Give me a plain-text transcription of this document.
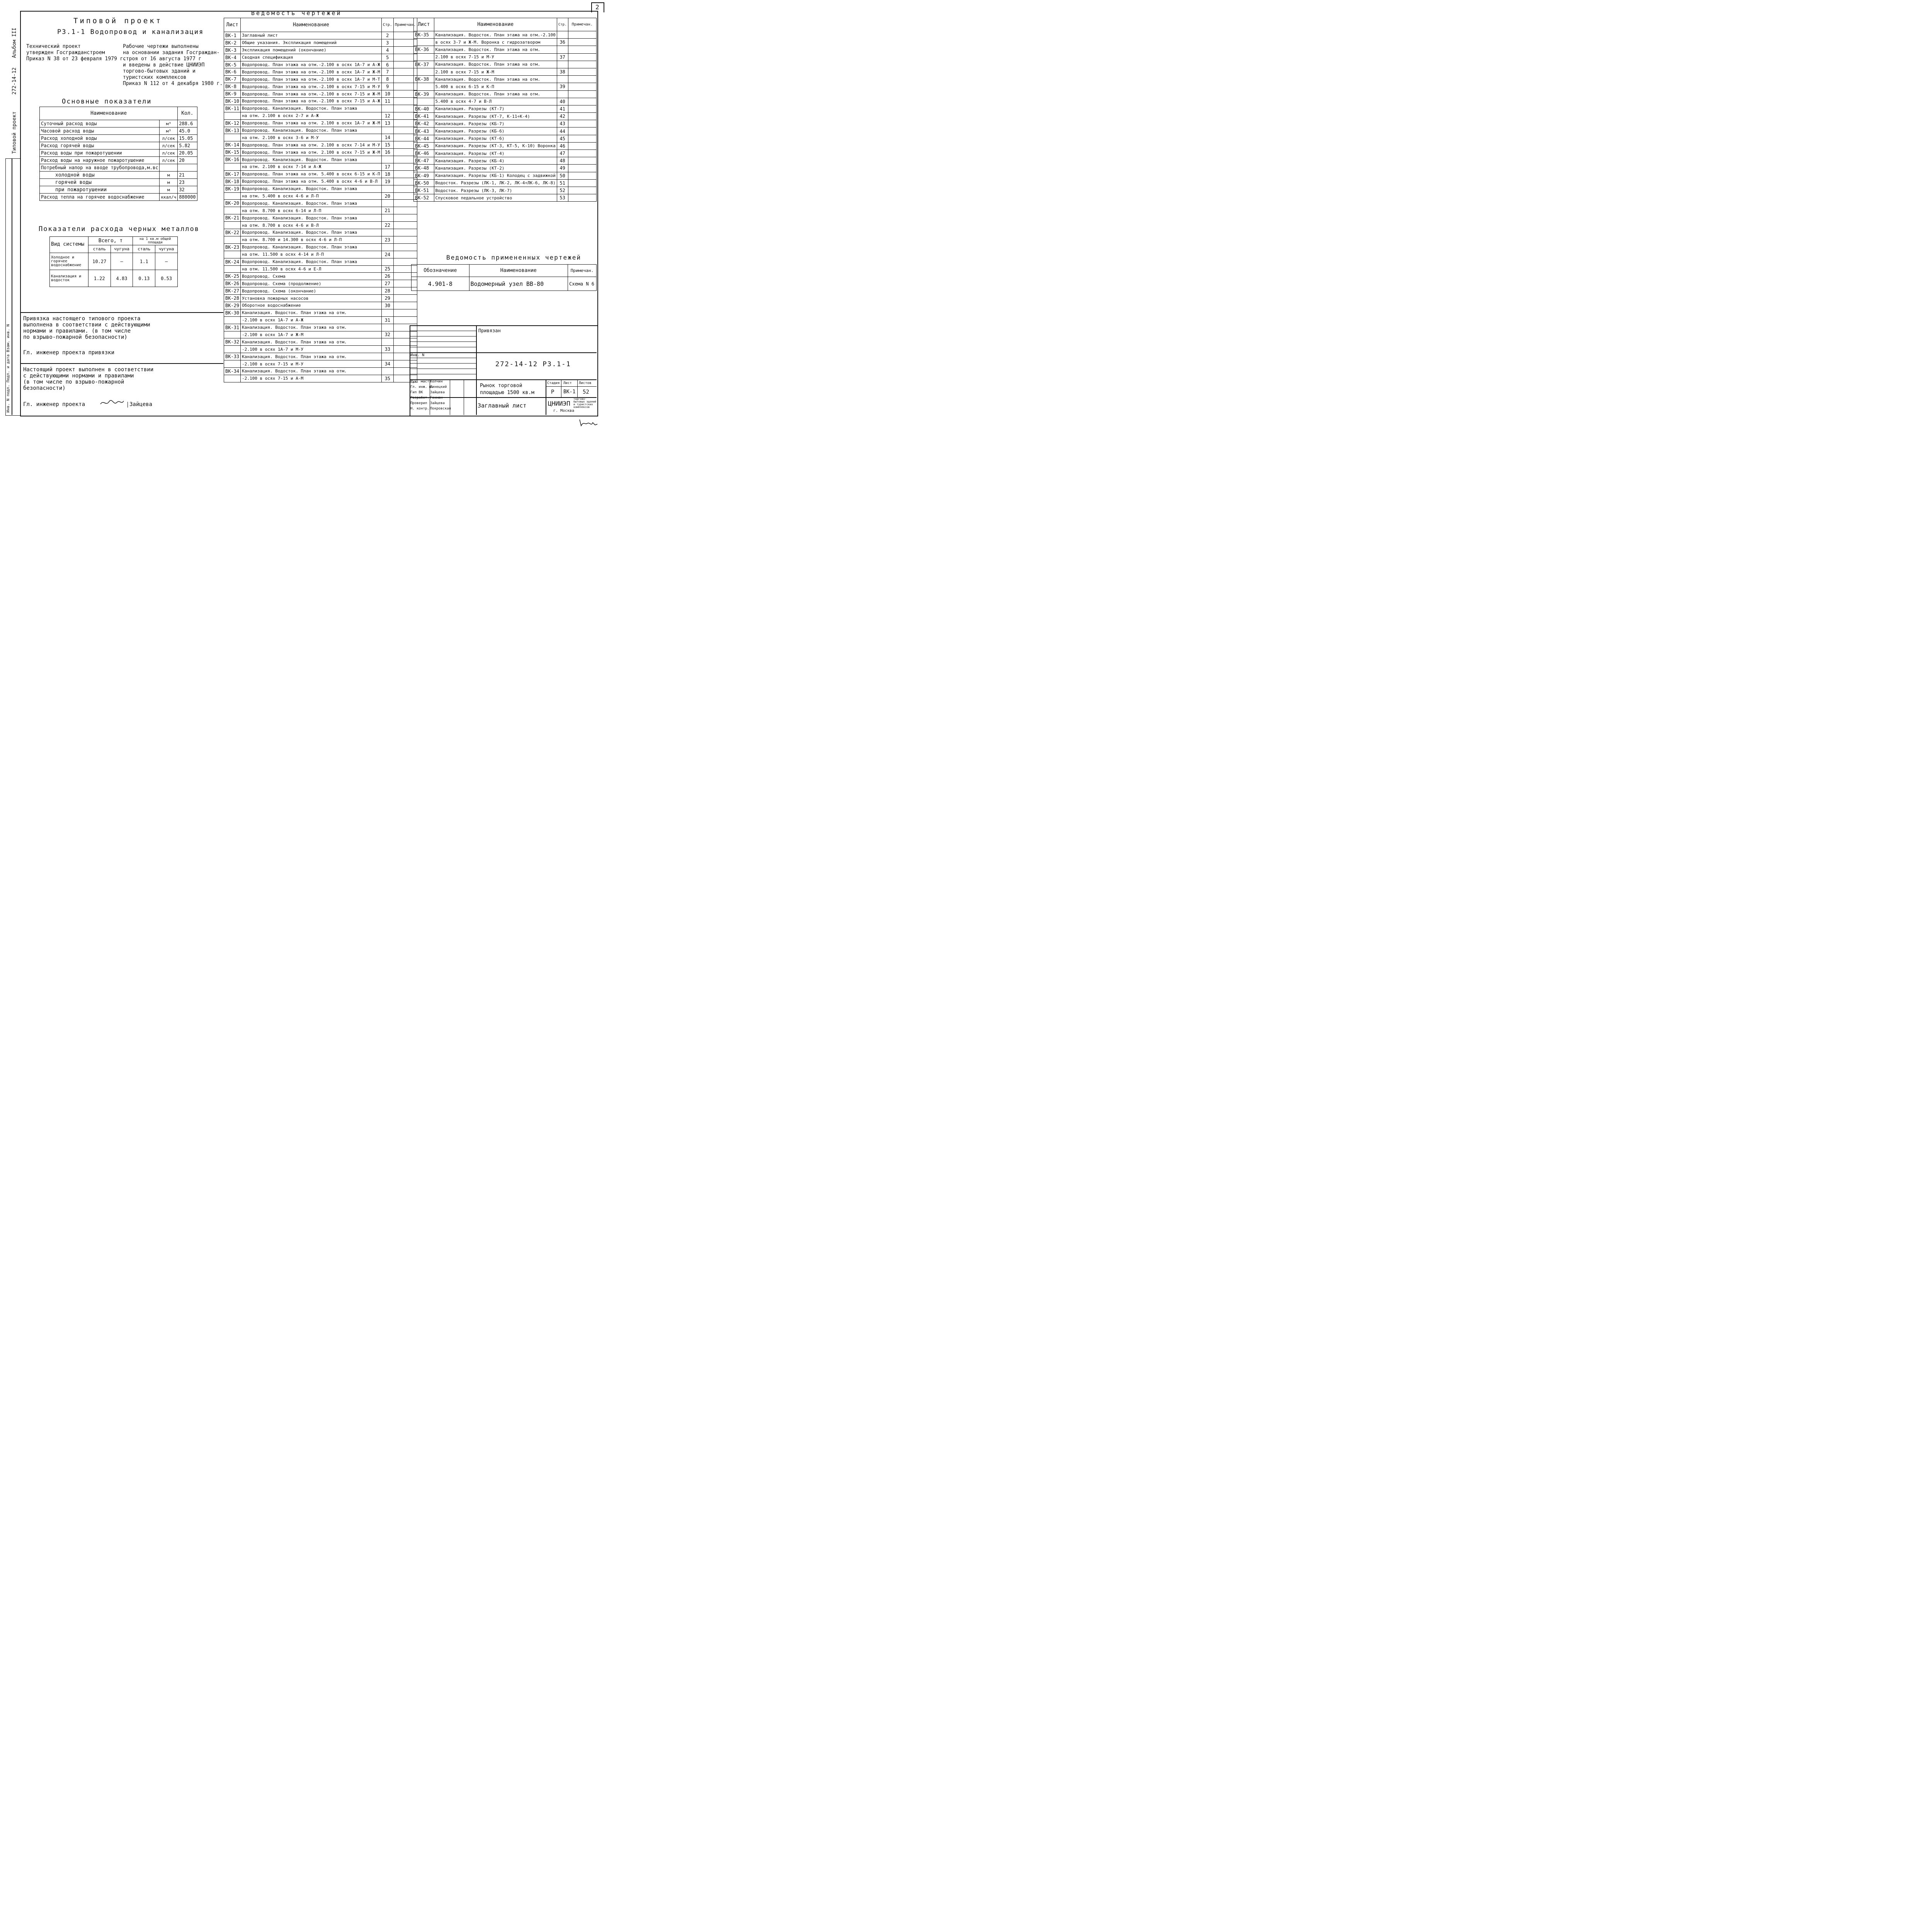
2
Альбом III
272-14-12
Типовой проект
Инв. N подл. Подп. и дата Взам. инв. N
Типовой проект
Р3.1-1 Водопровод и канализация
Технический проект
утвержден Госгражданстроем
Приказ N 38 от 23 февраля 1979 г.
Рабочие чертежи выполнены
на основании задания Госграждан-
строя от 16 августа 1977 г
и введены в действие ЦНИИЭП
торгово-бытовых зданий и
туристских комплексов
Приказ N 112 от 4 декабря 1980 г.
Основные показатели
Наименование		Кол.
Суточный расход воды	м³	288.6
Часовой расход воды	м³	45.0
Расход холодной воды	л/сек	15.05
Расход горячей воды	л/сек	5.82
Расход воды при пожаротушении	л/сек	20.05
Расход воды на наружное пожаротушение	л/сек	20
Потребный напор на вводе трубопровода,м.вс		
холодной воды	м	21
горячей воды	м	23
при пожаротушении	м	32
Расход тепла на горячее водоснабжение	ккал/ч	880000
Показатели расхода черных металлов
Вид системы	Всего, т		на 1 кв.м общей площади	
	сталь	чугуна	сталь	чугуна
Холодное и горячее водоснабжение	10.27	—	1.1	—
Канализация и водосток	1.22	4.83	0.13	0.53
Привязка настоящего типового проекта
выполнена в соответствии с действующими
нормами и правилами. (в том числе
по взрыво-пожарной безопасности)
Гл. инженер проекта привязки
Настоящий проект выполнен в соответствии
с действующими нормами и правилами
(в том числе по взрыво-пожарной
безопасности)
Гл. инженер проекта	Зайцева
Ведомость чертежей
Лист	Наименование	Стр.	Примечан.
ВК-1	Заглавный лист	2	
ВК-2	Общие указания. Экспликация помещений	3	
ВК-3	Экспликация помещений (окончание)	4	
ВК-4	Сводная спецификация	5	
ВК-5	Водопровод. План этажа на отм.-2.100 в осях 1А-7 и А-Ж	6	
ВК-6	Водопровод. План этажа на отм.-2.100 в осях 1А-7 и Ж-М	7	
ВК-7	Водопровод. План этажа на отм.-2.100 в осях 1А-7 и М-Т	8	
ВК-8	Водопровод. План этажа на отм.-2.100 в осях 7-15 и М-У	9	
ВК-9	Водопровод. План этажа на отм.-2.100 в осях 7-15 и Ж-М	10	
ВК-10	Водопровод. План этажа на отм.-2.100 в осях 7-15 и А-Ж	11	
ВК-11	Водопровод. Канализация. Водосток. План этажа		
	на отм. 2.100 в осях 2-7 и А-Ж	12	
ВК-12	Водопровод. План этажа на отм. 2.100 в осях 1А-7 и Ж-М	13	
ВК-13	Водопровод. Канализация. Водосток. План этажа		
	на отм. 2.100 в осях 3-6 и М-У	14	
ВК-14	Водопровод. План этажа на отм. 2.100 в осях 7-14 и М-У	15	
ВК-15	Водопровод. План этажа на отм. 2.100 в осях 7-15 и Ж-М	16	
ВК-16	Водопровод. Канализация. Водосток. План этажа		
	на отм. 2.100 в осях 7-14 и А-Ж	17	
ВК-17	Водопровод. План этажа на отм. 5.400 в осях 6-15 и К-П	18	
ВК-18	Водопровод. План этажа на отм. 5.400 в осях 4-6 и В-Л	19	
ВК-19	Водопровод. Канализация. Водосток. План этажа		
	на отм. 5.400 в осях 4-6 и Л-П	20	
ВК-20	Водопровод. Канализация. Водосток. План этажа		
	на отм. 8.700 в осях 6-14 и Л-П	21	
ВК-21	Водопровод. Канализация. Водосток. План этажа		
	на отм. 8.700 в осях 4-6 и В-Л	22	
ВК-22	Водопровод. Канализация. Водосток. План этажа		
	на отм. 8.700 и 14.300 в осях 4-6 и Л-П	23	
ВК-23	Водопровод. Канализация. Водосток. План этажа		
	на отм. 11.500 в осях 4-14 и Л-П	24	
ВК-24	Водопровод. Канализация. Водосток. План этажа		
	на отм. 11.500 в осях 4-6 и Е-Л	25	
ВК-25	Водопровод. Схема	26	
ВК-26	Водопровод. Схема (продолжение)	27	
ВК-27	Водопровод. Схема (окончание)	28	
ВК-28	Установка пожарных насосов	29	
ВК-29	Оборотное водоснабжение	30	
ВК-30	Канализация. Водосток. План этажа на отм.		
	-2.100 в осях 1А-7 и А-Ж	31	
ВК-31	Канализация. Водосток. План этажа на отм.		
	-2.100 в осях 1А-7 и Ж-М	32	
ВК-32	Канализация. Водосток. План этажа на отм.		
	-2.100 в осях 1А-7 и М-У	33	
ВК-33	Канализация. Водосток. План этажа на отм.		
	-2.100 в осях 7-15 и М-У	34	
ВК-34	Канализация. Водосток. План этажа на отм.		
	-2.100 в осях 7-15 и А-М	35	
Лист	Наименование	Стр.	Примечан.
ВК-35	Канализация. Водосток. План этажа на отм.-2.100		
	в осях 3-7 и Ж-М. Воронка с гидрозатвором	36	
ВК-36	Канализация. Водосток. План этажа на отм.		
	2.100 в осях 7-15 и М-У	37	
ВК-37	Канализация. Водосток. План этажа на отм.		
	2.100 в осях 7-15 и Ж-М	38	
ВК-38	Канализация. Водосток. План этажа на отм.		
	5.400 в осях 6-15 и К-П	39	
ВК-39	Канализация. Водосток. План этажа на отм.		
	5.400 в осях 4-7 и В-Л	40	
ВК-40	Канализация. Разрезы (КТ-7)	41	
ВК-41	Канализация. Разрезы (КТ-7, К-11÷К-4)	42	
ВК-42	Канализация. Разрезы (КБ-7)	43	
ВК-43	Канализация. Разрезы (КБ-6)	44	
ВК-44	Канализация. Разрезы (КТ-6)	45	
ВК-45	Канализация. Разрезы (КТ-3, КТ-5, К-10) Воронка	46	
ВК-46	Канализация. Разрезы (КТ-4)	47	
ВК-47	Канализация. Разрезы (КБ-4)	48	
ВК-48	Канализация. Разрезы (КТ-2)	49	
ВК-49	Канализация. Разрезы (КБ-1) Колодец с задвижкой	50	
ВК-50	Водосток. Разрезы (ЛК-1, ЛК-2, ЛК-4÷ЛК-6, ЛК-8)	51	
ВК-51	Водосток. Разрезы (ЛК-3, ЛК-7)	52	
ВК-52	Спусковое педальное устройство	53	
Ведомость примененных чертежей
Обозначение	Наименование	Примечан.
4.901-8	Водомерный узел ВВ-80	Схема N 6
Привязан
Инв. N
272-14-12 Р3.1-1
Рук. маст.
Колчин
Гл. инж. м.
Линецкий
Гип ВК Зайцева
Разработ. Гохман
Проверил Зайцева
Н. контр. Покровская
Рынок торговой
площадью 1500 кв.м
Стадия Лист Листов
Р ВК-1 52
Заглавный лист	ЦНИИЭП
торгово-бытовых зданий и туристских комплексов
г. Москва
